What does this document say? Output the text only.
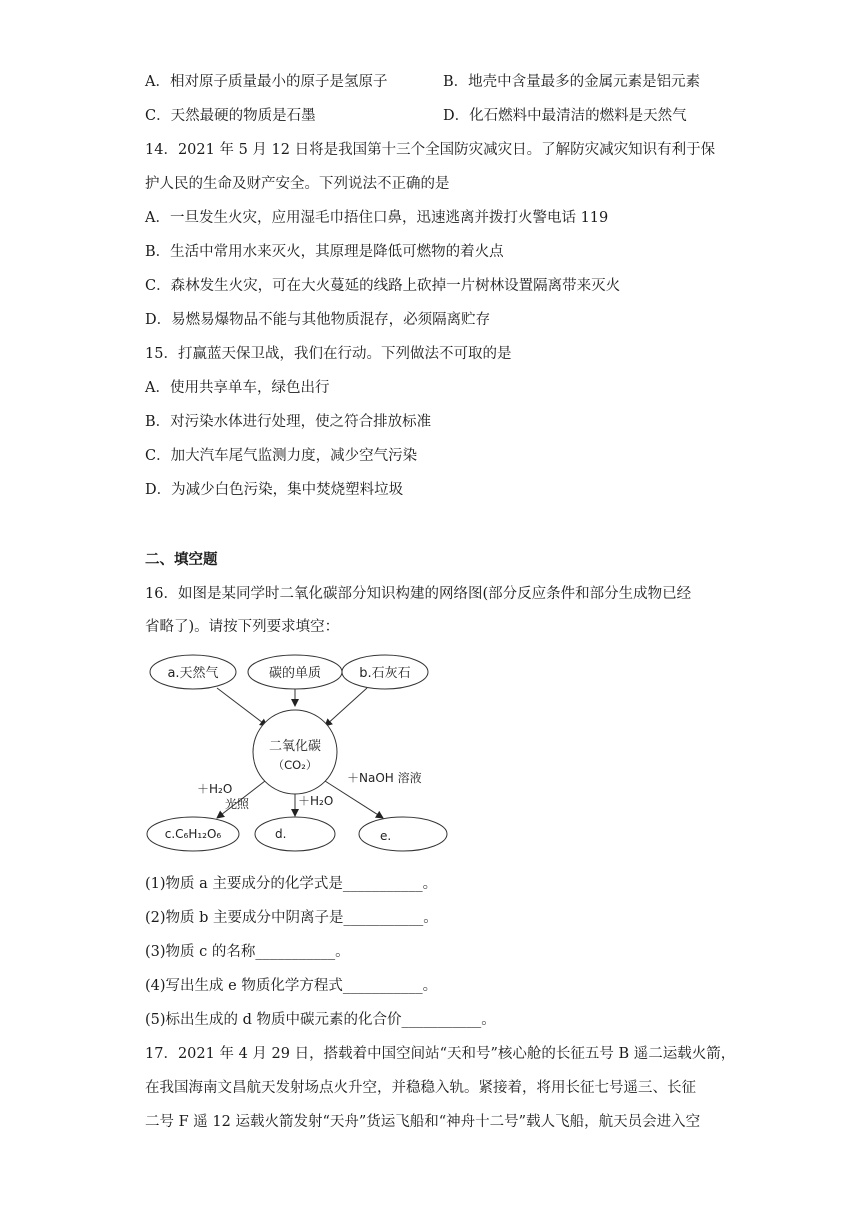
A．相对原子质量最小的原子是氢原子	B．地壳中含量最多的金属元素是铝元素
C．天然最硬的物质是石墨	D．化石燃料中最清洁的燃料是天然气
14．2021 年 5 月 12 日将是我国第十三个全国防灾减灾日。了解防灾减灾知识有利于保
护人民的生命及财产安全。下列说法不正确的是
A．一旦发生火灾，应用湿毛巾捂住口鼻，迅速逃离并拨打火警电话 119
B．生活中常用水来灭火，其原理是降低可燃物的着火点
C．森林发生火灾，可在大火蔓延的线路上砍掉一片树林设置隔离带来灭火
D．易燃易爆物品不能与其他物质混存，必须隔离贮存
15．打赢蓝天保卫战，我们在行动。下列做法不可取的是
A．使用共享单车，绿色出行
B．对污染水体进行处理，使之符合排放标准
C．加大汽车尾气监测力度，减少空气污染
D．为减少白色污染，集中焚烧塑料垃圾
二、填空题
16．如图是某同学时二氧化碳部分知识构建的网络图(部分反应条件和部分生成物已经
省略了)。请按下列要求填空：
a.天然气	碳的单质	b.石灰石
二氧化碳
（CO₂）
＋H₂O
光照	＋H₂O
＋NaOH 溶液
c.C₆H₁₂O₆	d.	e.
(1)物质 a 主要成分的化学式是___________。
(2)物质 b 主要成分中阴离子是___________。
(3)物质 c 的名称___________。
(4)写出生成 e 物质化学方程式___________。
(5)标出生成的 d 物质中碳元素的化合价___________。
17．2021 年 4 月 29 日，搭载着中国空间站“天和号”核心舱的长征五号 B 遥二运载火箭，
在我国海南文昌航天发射场点火升空，并稳稳入轨。紧接着，将用长征七号遥三、长征
二号 F 遥 12 运载火箭发射“天舟”货运飞船和“神舟十二号”载人飞船，航天员会进入空
